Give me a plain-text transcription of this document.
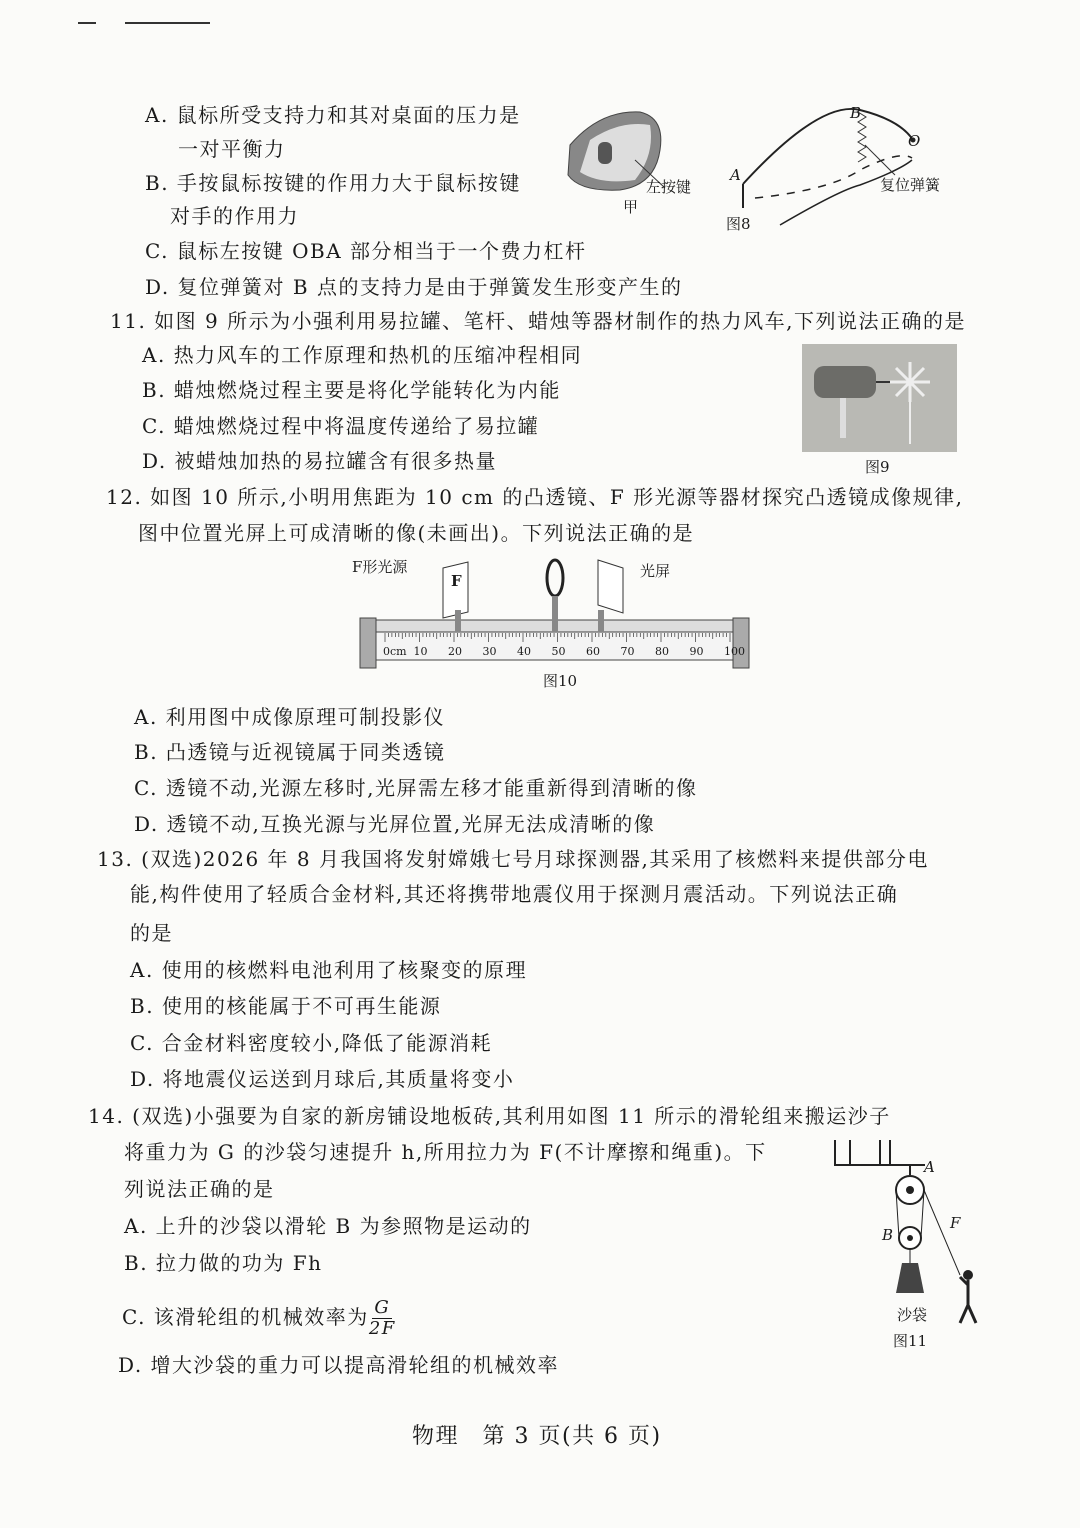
A. 鼠标所受支持力和其对桌面的压力是
一对平衡力
B. 手按鼠标按键的作用力大于鼠标按键
对手的作用力
C. 鼠标左按键 OBA 部分相当于一个费力杠杆
D. 复位弹簧对 B 点的支持力是由于弹簧发生形变产生的
左按键
甲
复位弹簧
图8
B
O
A
11. 如图 9 所示为小强利用易拉罐、笔杆、蜡烛等器材制作的热力风车,下列说法正确的是
A. 热力风车的工作原理和热机的压缩冲程相同
B. 蜡烛燃烧过程主要是将化学能转化为内能
C. 蜡烛燃烧过程中将温度传递给了易拉罐
D. 被蜡烛加热的易拉罐含有很多热量	图9
12. 如图 10 所示,小明用焦距为 10 cm 的凸透镜、F 形光源等器材探究凸透镜成像规律,
图中位置光屏上可成清晰的像(未画出)。下列说法正确的是
F形光源
F
光屏
0cm 10 20 30 40 50 60 70 80 90 100
图10
A. 利用图中成像原理可制投影仪
B. 凸透镜与近视镜属于同类透镜
C. 透镜不动,光源左移时,光屏需左移才能重新得到清晰的像
D. 透镜不动,互换光源与光屏位置,光屏无法成清晰的像
13. (双选)2026 年 8 月我国将发射嫦娥七号月球探测器,其采用了核燃料来提供部分电
能,构件使用了轻质合金材料,其还将携带地震仪用于探测月震活动。下列说法正确
的是
A. 使用的核燃料电池利用了核聚变的原理
B. 使用的核能属于不可再生能源
C. 合金材料密度较小,降低了能源消耗
D. 将地震仪运送到月球后,其质量将变小
14. (双选)小强要为自家的新房铺设地板砖,其利用如图 11 所示的滑轮组来搬运沙子
将重力为 G 的沙袋匀速提升 h,所用拉力为 F(不计摩擦和绳重)。下
列说法正确的是
A. 上升的沙袋以滑轮 B 为参照物是运动的
B. 拉力做的功为 Fh
C. 该滑轮组的机械效率为 $\frac{G}{2F}$
D. 增大沙袋的重力可以提高滑轮组的机械效率
A
B
F
沙袋
图11
物理　第 3 页(共 6 页)
